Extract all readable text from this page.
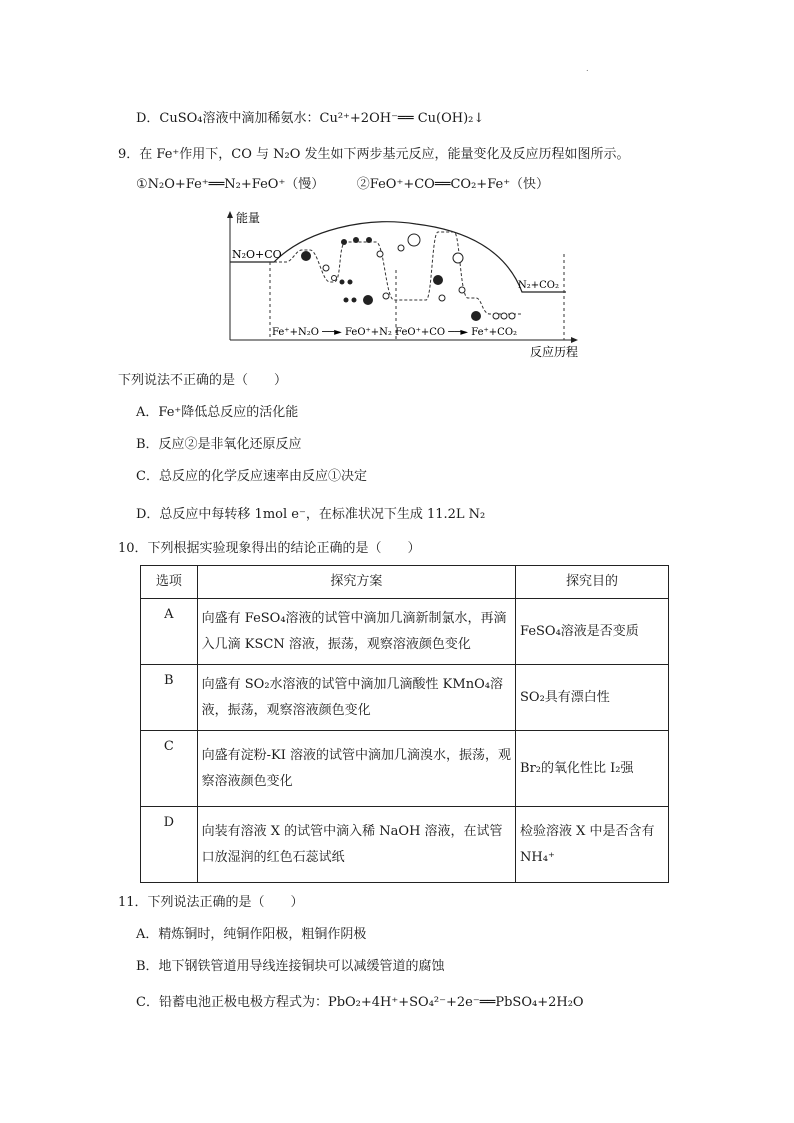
.
D．CuSO₄溶液中滴加稀氨水：Cu²⁺+2OH⁻══ Cu(OH)₂↓
9．在 Fe⁺作用下，CO 与 N₂O 发生如下两步基元反应，能量变化及反应历程如图所示。
①N₂O+Fe⁺══N₂+FeO⁺（慢）　　　②FeO⁺+CO══CO₂+Fe⁺（快）
能量
反应历程
N₂O+CO
N₂+CO₂
Fe⁺+N₂O ──► FeO⁺+N₂ FeO⁺+CO ──► Fe⁺+CO₂
下列说法不正确的是（　　）
A．Fe⁺降低总反应的活化能
B．反应②是非氧化还原反应
C．总反应的化学反应速率由反应①决定
D．总反应中每转移 1mol e⁻，在标准状况下生成 11.2L N₂
10．下列根据实验现象得出的结论正确的是（　　）
选项	探究方案	探究目的
A	向盛有 FeSO₄溶液的试管中滴加几滴新制氯水，再滴入几滴 KSCN 溶液，振荡，观察溶液颜色变化	FeSO₄溶液是否变质
B	向盛有 SO₂水溶液的试管中滴加几滴酸性 KMnO₄溶液，振荡，观察溶液颜色变化	SO₂具有漂白性
C	向盛有淀粉-KI 溶液的试管中滴加几滴溴水，振荡，观察溶液颜色变化	Br₂的氧化性比 I₂强
D	向装有溶液 X 的试管中滴入稀 NaOH 溶液，在试管口放湿润的红色石蕊试纸	检验溶液 X 中是否含有 NH₄⁺
11．下列说法正确的是（　　）
A．精炼铜时，纯铜作阳极，粗铜作阴极
B．地下钢铁管道用导线连接铜块可以减缓管道的腐蚀
C．铅蓄电池正极电极方程式为：PbO₂+4H⁺+SO₄²⁻+2e⁻══PbSO₄+2H₂O
